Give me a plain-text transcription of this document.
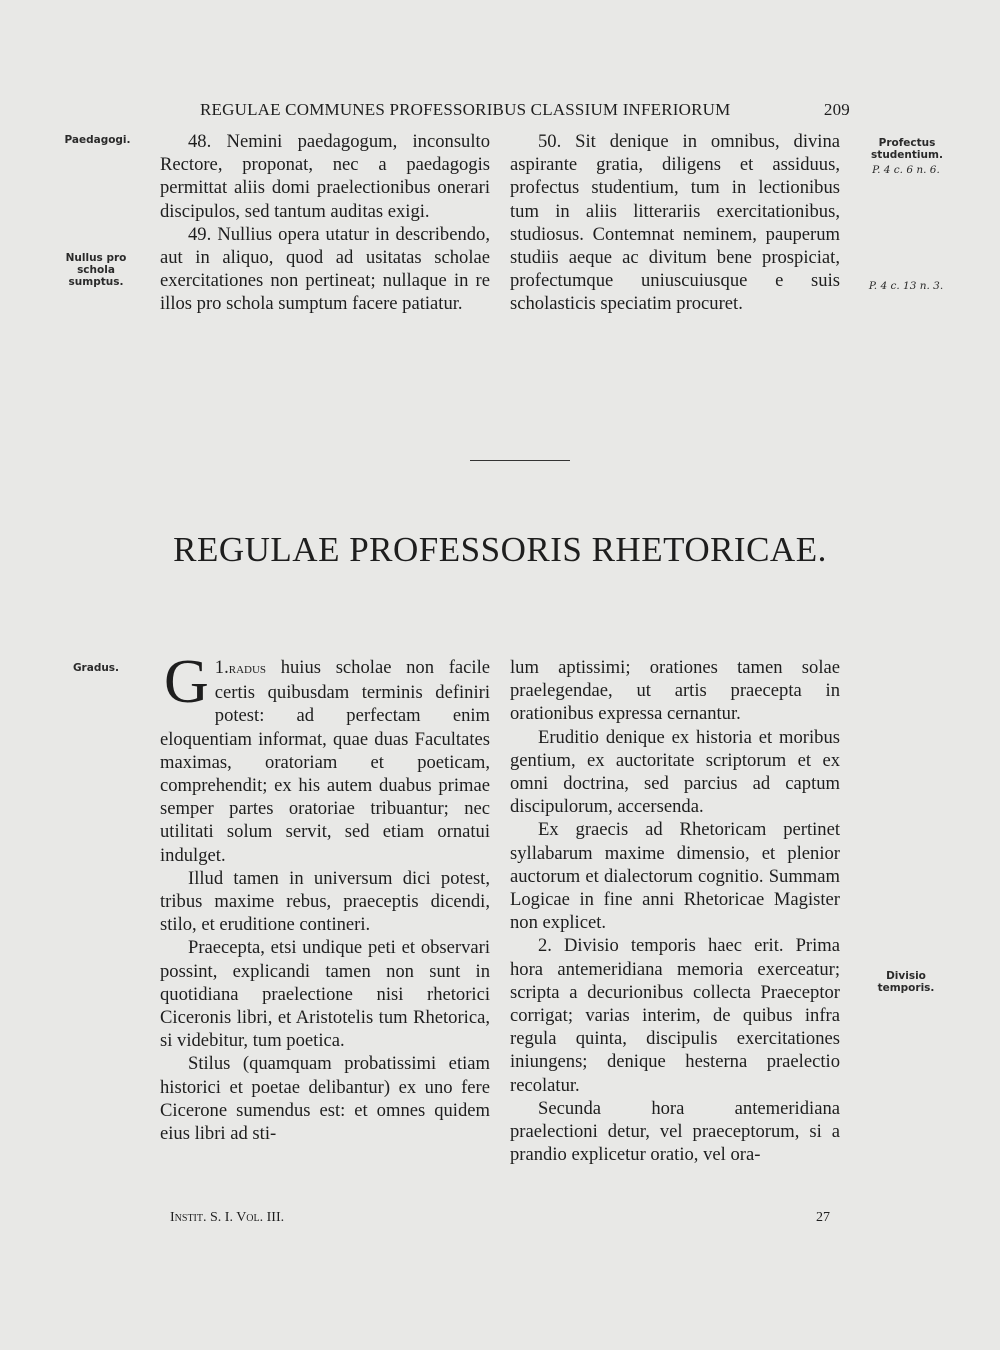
REGULAE COMMUNES PROFESSORIBUS CLASSIUM INFERIORUM	209
Paedagogi.
Nullus pro schola sumptus.
Profectus studentium.
P. 4 c. 6 n. 6.
P. 4 c. 13 n. 3.
Gradus.
Divisio temporis.

48. Nemini paedagogum, inconsulto Rectore, proponat, nec a paedagogis permittat aliis domi praelectionibus onerari discipulos, sed tantum auditas exigi.

49. Nullius opera utatur in describendo, aut in aliquo, quod ad usitatas scholae exercitationes non pertineat; nullaque in re illos pro schola sumptum facere patiatur.

50. Sit denique in omnibus, divina aspirante gratia, diligens et assiduus, profectus studentium, tum in lectionibus tum in aliis litterariis exercitationibus, studiosus. Contemnat neminem, pauperum studiis aeque ac divitum bene prospiciat, profectumque uniuscuiusque e suis scholasticis speciatim procuret.

REGULAE PROFESSORIS RHETORICAE.

1.
G radus huius scholae non facile certis quibusdam terminis definiri potest: ad perfectam enim eloquentiam informat, quae duas Facultates maximas, oratoriam et poeticam, comprehendit; ex his autem duabus primae semper partes oratoriae tribuantur; nec utilitati solum servit, sed etiam ornatui indulget.

Illud tamen in universum dici potest, tribus maxime rebus, praeceptis dicendi, stilo, et eruditione contineri.

Praecepta, etsi undique peti et observari possint, explicandi tamen non sunt in quotidiana praelectione nisi rhetorici Ciceronis libri, et Aristotelis tum Rhetorica, si videbitur, tum poetica.

Stilus (quamquam probatissimi etiam historici et poetae delibantur) ex uno fere Cicerone sumendus est: et omnes quidem eius libri ad sti-

lum aptissimi; orationes tamen solae praelegendae, ut artis praecepta in orationibus expressa cernantur.

Eruditio denique ex historia et moribus gentium, ex auctoritate scriptorum et ex omni doctrina, sed parcius ad captum discipulorum, accersenda.

Ex graecis ad Rhetoricam pertinet syllabarum maxime dimensio, et plenior auctorum et dialectorum cognitio. Summam Logicae in fine anni Rhetoricae Magister non explicet.

2. Divisio temporis haec erit. Prima hora antemeridiana memoria exerceatur; scripta a decurionibus collecta Praeceptor corrigat; varias interim, de quibus infra regula quinta, discipulis exercitationes iniungens; denique hesterna praelectio recolatur.

Secunda hora antemeridiana praelectioni detur, vel praeceptorum, si a prandio explicetur oratio, vel ora-

Instit. S. I. Vol. III.	27
